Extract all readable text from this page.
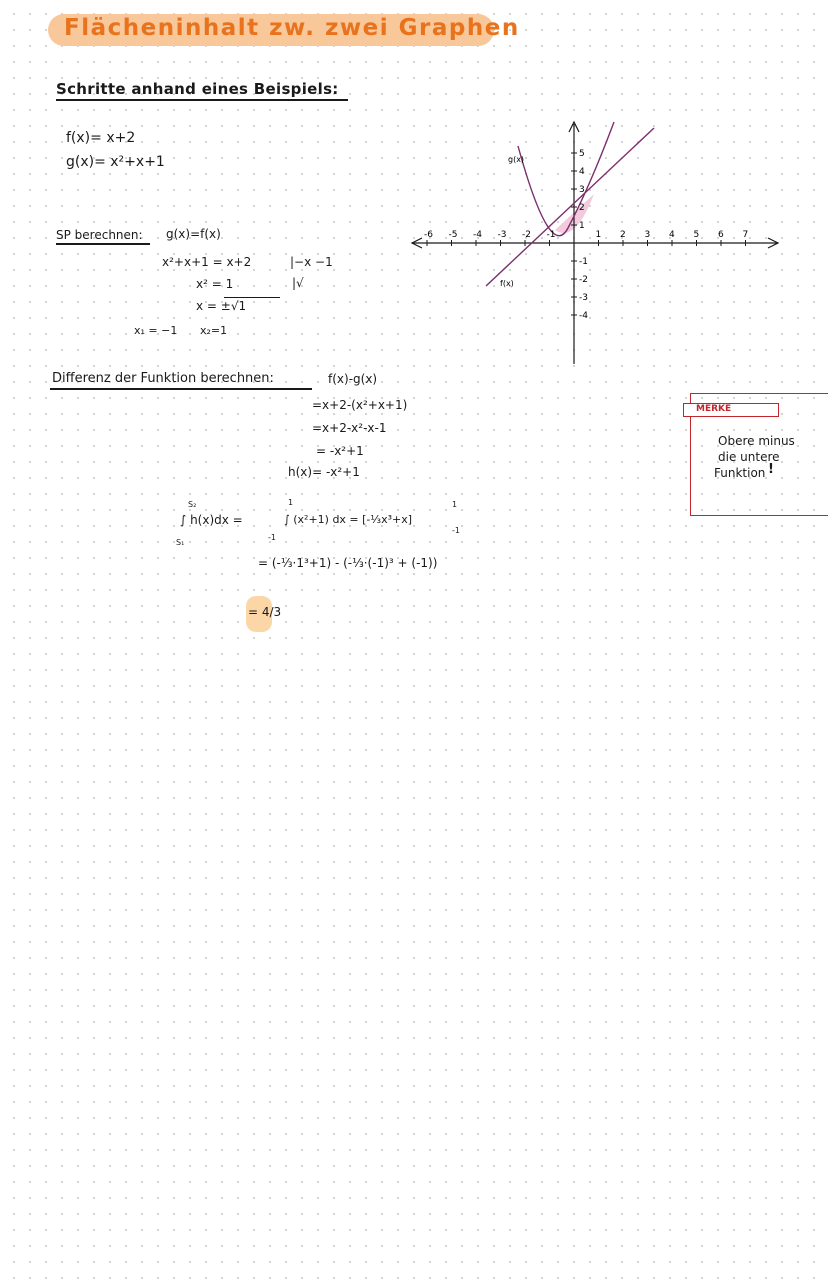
Flächeninhalt zw. zwei Graphen
Schritte anhand eines Beispiels:
f(x)= x+2
g(x)= x²+x+1
SP berechnen: g(x)=f(x)
x²+x+1 = x+2	|−x −1
x² = 1	|√
x = ±√1
x₁ = −1 x₂=1
Differenz der Funktion berechnen:	f(x)-g(x)
=x+2-(x²+x+1)
=x+2-x²-x-1
= -x²+1
h(x)= -x²+1
S₂
S₁
∫ h(x)dx =
1
-1
∫ (x²+1) dx = [-⅓x³+x]
1
-1
= (-⅓·1³+1) - (-⅓·(-1)³ + (-1))
= 4/3
-6 -5 -4 -3 -2 -1	1 2 3 4 5 6 7
5
4
3
2
1
-1
-2
-3
-4
g(x)
f(x)
MERKE
Obere minus
die untere
Funktion !
